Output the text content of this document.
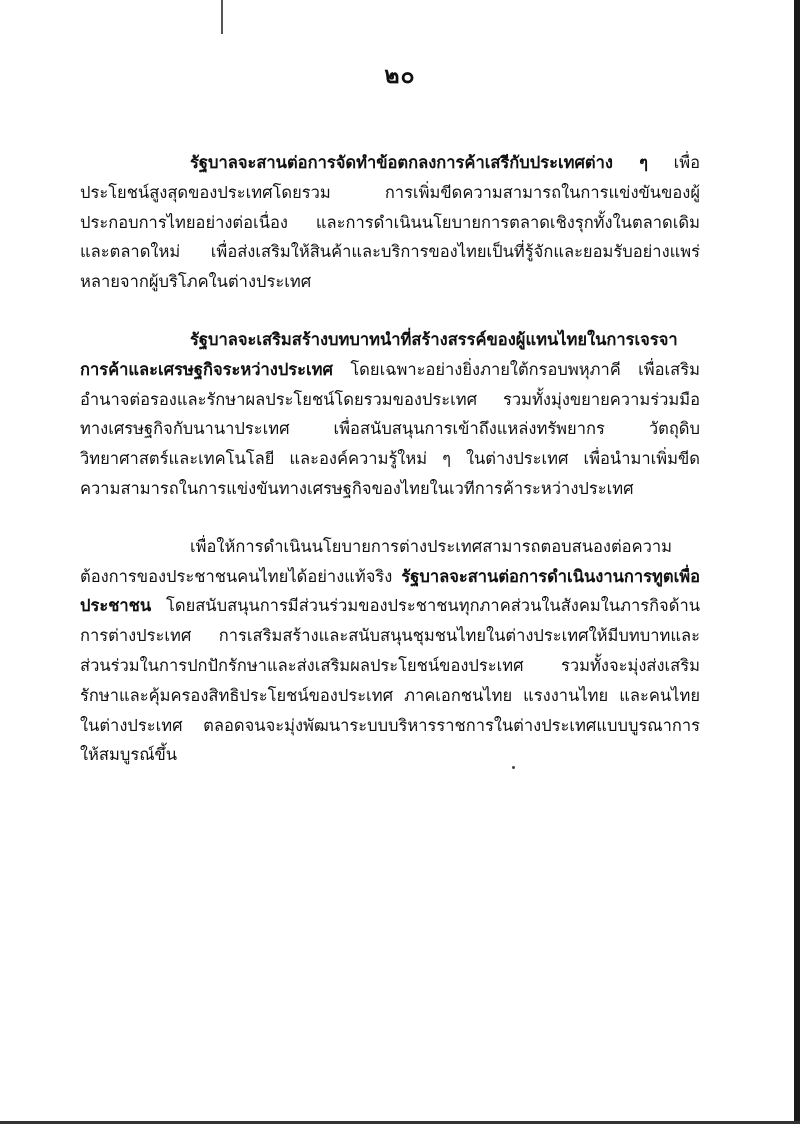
๒๐

รัฐบาลจะสานต่อการจัดทำข้อตกลงการค้าเสรีกับประเทศต่าง ๆ เพื่อประโยชน์สูงสุดของประเทศโดยรวม การเพิ่มขีดความสามารถในการแข่งขันของผู้ประกอบการไทยอย่างต่อเนื่อง และการดำเนินนโยบายการตลาดเชิงรุกทั้งในตลาดเดิมและตลาดใหม่ เพื่อส่งเสริมให้สินค้าและบริการของไทยเป็นที่รู้จักและยอมรับอย่างแพร่หลายจากผู้บริโภคในต่างประเทศ

รัฐบาลจะเสริมสร้างบทบาทนำที่สร้างสรรค์ของผู้แทนไทยในการเจรจาการค้าและเศรษฐกิจระหว่างประเทศ โดยเฉพาะอย่างยิ่งภายใต้กรอบพหุภาคี เพื่อเสริมอำนาจต่อรองและรักษาผลประโยชน์โดยรวมของประเทศ รวมทั้งมุ่งขยายความร่วมมือทางเศรษฐกิจกับนานาประเทศ เพื่อสนับสนุนการเข้าถึงแหล่งทรัพยากร วัตถุดิบ วิทยาศาสตร์และเทคโนโลยี และองค์ความรู้ใหม่ ๆ ในต่างประเทศ เพื่อนำมาเพิ่มขีดความสามารถในการแข่งขันทางเศรษฐกิจของไทยในเวทีการค้าระหว่างประเทศ

เพื่อให้การดำเนินนโยบายการต่างประเทศสามารถตอบสนองต่อความต้องการของประชาชนคนไทยได้อย่างแท้จริง รัฐบาลจะสานต่อการดำเนินงานการทูตเพื่อประชาชน โดยสนับสนุนการมีส่วนร่วมของประชาชนทุกภาคส่วนในสังคมในภารกิจด้านการต่างประเทศ การเสริมสร้างและสนับสนุนชุมชนไทยในต่างประเทศให้มีบทบาทและส่วนร่วมในการปกปักรักษาและส่งเสริมผลประโยชน์ของประเทศ รวมทั้งจะมุ่งส่งเสริม รักษาและคุ้มครองสิทธิประโยชน์ของประเทศ ภาคเอกชนไทย แรงงานไทย และคนไทยในต่างประเทศ ตลอดจนจะมุ่งพัฒนาระบบบริหารราชการในต่างประเทศแบบบูรณาการให้สมบูรณ์ขึ้น
